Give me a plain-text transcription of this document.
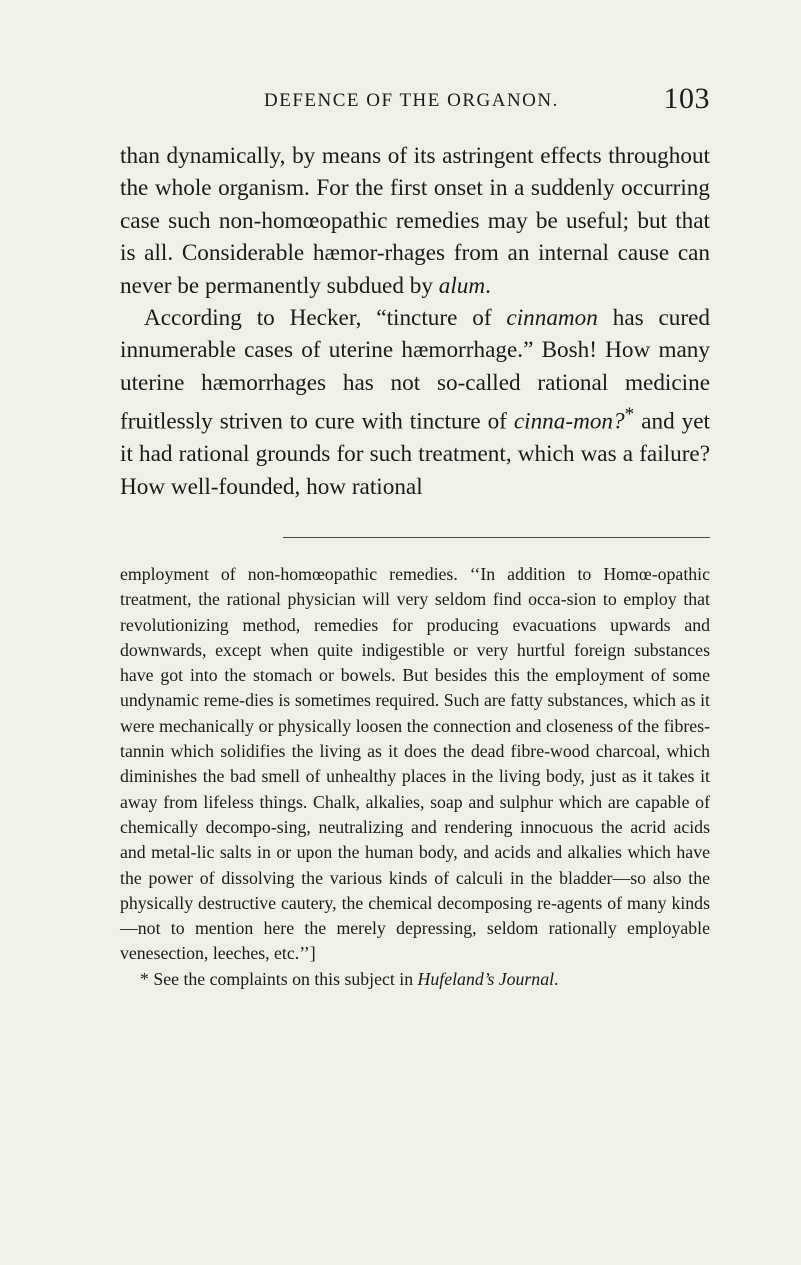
DEFENCE OF THE ORGANON.	103

than dynamically, by means of its astringent effects throughout the whole organism. For the first onset in a suddenly occurring case such non-homœopathic remedies may be useful; but that is all. Considerable hæmor-rhages from an internal cause can never be permanently subdued by alum.

According to Hecker, “tincture of cinnamon has cured innumerable cases of uterine hæmorrhage.” Bosh! How many uterine hæmorrhages has not so-called rational medicine fruitlessly striven to cure with tincture of cinna-mon?* and yet it had rational grounds for such treatment, which was a failure? How well-founded, how rational

employment of non-homœopathic remedies. ‘‘In addition to Homœ-opathic treatment, the rational physician will very seldom find occa-sion to employ that revolutionizing method, remedies for producing evacuations upwards and downwards, except when quite indigestible or very hurtful foreign substances have got into the stomach or bowels. But besides this the employment of some undynamic reme-dies is sometimes required. Such are fatty substances, which as it were mechanically or physically loosen the connection and closeness of the fibres-tannin which solidifies the living as it does the dead fibre-wood charcoal, which diminishes the bad smell of unhealthy places in the living body, just as it takes it away from lifeless things. Chalk, alkalies, soap and sulphur which are capable of chemically decompo-sing, neutralizing and rendering innocuous the acrid acids and metal-lic salts in or upon the human body, and acids and alkalies which have the power of dissolving the various kinds of calculi in the bladder—so also the physically destructive cautery, the chemical decomposing re-agents of many kinds—not to mention here the merely depressing, seldom rationally employable venesection, leeches, etc.’’]

* See the complaints on this subject in Hufeland’s Journal.
